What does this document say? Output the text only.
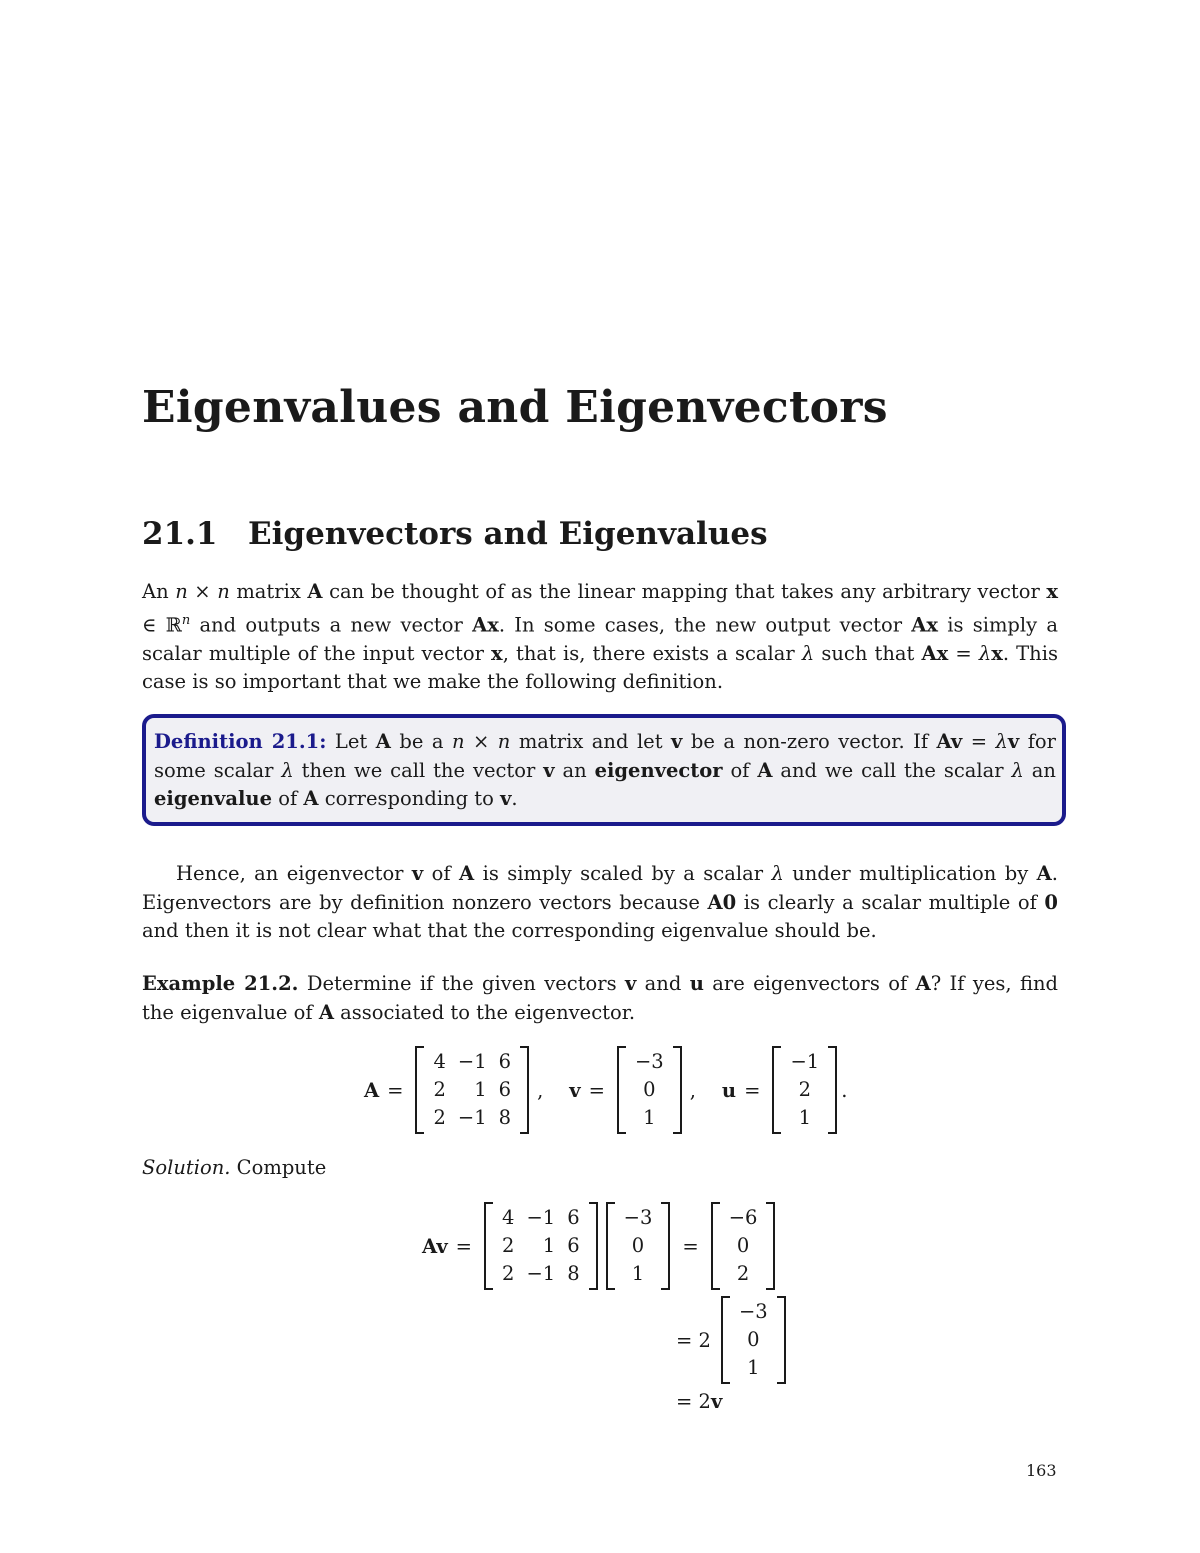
Eigenvalues and Eigenvectors
21.1 Eigenvectors and Eigenvalues

An n × n matrix A can be thought of as the linear mapping that takes any arbitrary vector x ∈ ℝ$^n$ and outputs a new vector Ax. In some cases, the new output vector Ax is simply a scalar multiple of the input vector x, that is, there exists a scalar λ such that Ax = λx. This case is so important that we make the following definition.

Definition 21.1: Let A be a n × n matrix and let v be a non-zero vector. If Av = λv for some scalar λ then we call the vector v an eigenvector of A and we call the scalar λ an eigenvalue of A corresponding to v.

Hence, an eigenvector v of A is simply scaled by a scalar λ under multiplication by A. Eigenvectors are by definition nonzero vectors because A0 is clearly a scalar multiple of 0 and then it is not clear what that the corresponding eigenvalue should be.

Example 21.2. Determine if the given vectors v and u are eigenvectors of A? If yes, find the eigenvalue of A associated to the eigenvector.

A =
4 −1 6
2	1 6
2 −1 8
,	v =
−3
0
1
,	u =
−1
2
1
.

Solution. Compute

Av =
4 −1 6
2	1 6
2 −1 8
−3
0
1
=
−6
0
2
= 2
−3
0
1
= 2 v
163
